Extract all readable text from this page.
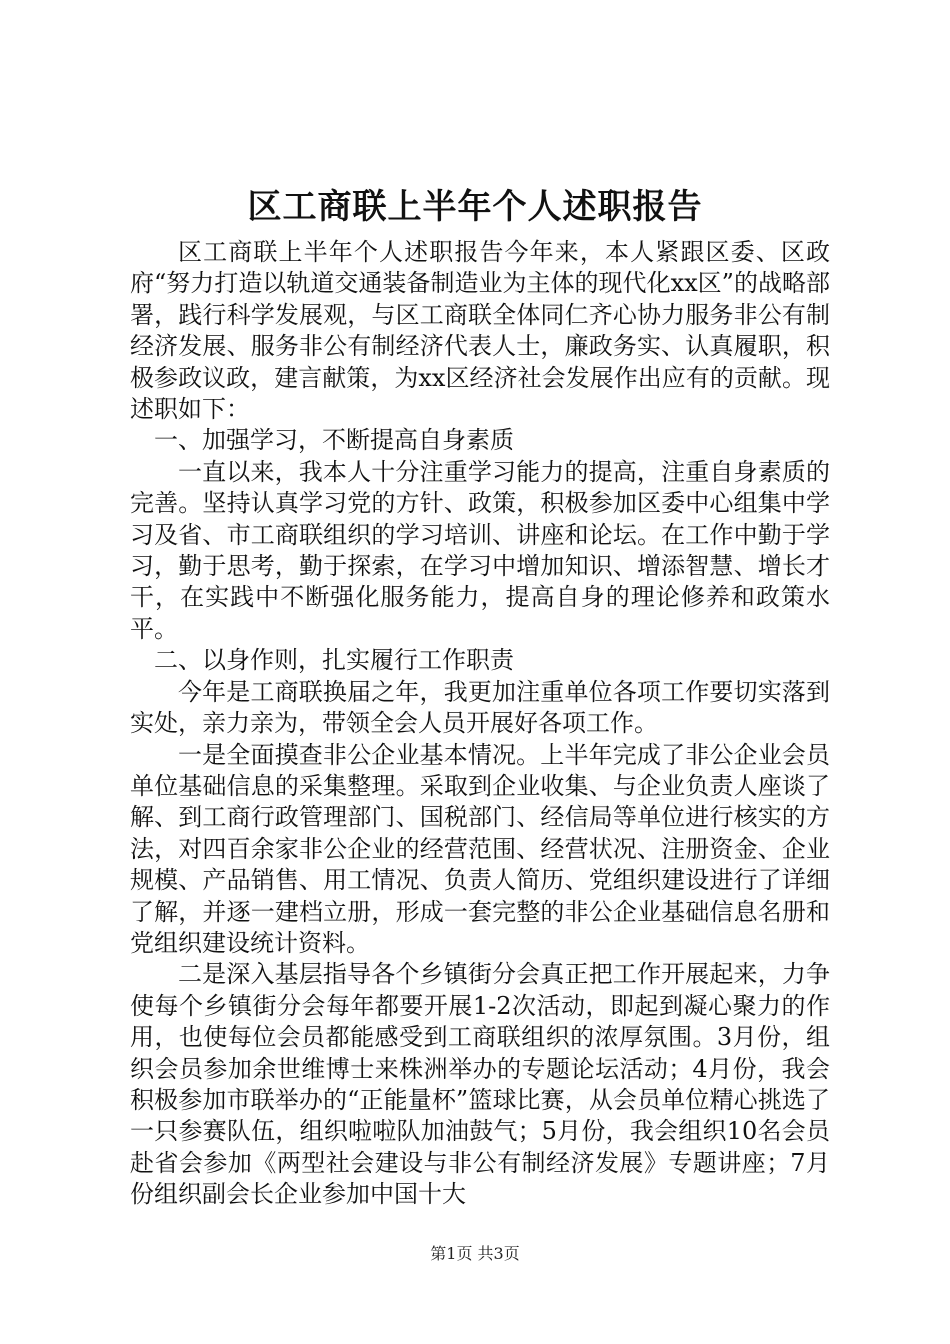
区工商联上半年个人述职报告

区工商联上半年个人述职报告今年来，本人紧跟区委、区政府“努力打造以轨道交通装备制造业为主体的现代化xx区”的战略部署，践行科学发展观，与区工商联全体同仁齐心协力服务非公有制经济发展、服务非公有制经济代表人士，廉政务实、认真履职，积极参政议政，建言献策，为xx区经济社会发展作出应有的贡献。现述职如下：

一、加强学习，不断提高自身素质

一直以来，我本人十分注重学习能力的提高，注重自身素质的完善。坚持认真学习党的方针、政策，积极参加区委中心组集中学习及省、市工商联组织的学习培训、讲座和论坛。在工作中勤于学习，勤于思考，勤于探索，在学习中增加知识、增添智慧、增长才干，在实践中不断强化服务能力，提高自身的理论修养和政策水平。

二、以身作则，扎实履行工作职责

今年是工商联换届之年，我更加注重单位各项工作要切实落到实处，亲力亲为，带领全会人员开展好各项工作。

一是全面摸查非公企业基本情况。上半年完成了非公企业会员单位基础信息的采集整理。采取到企业收集、与企业负责人座谈了解、到工商行政管理部门、国税部门、经信局等单位进行核实的方法，对四百余家非公企业的经营范围、经营状况、注册资金、企业规模、产品销售、用工情况、负责人简历、党组织建设进行了详细了解，并逐一建档立册，形成一套完整的非公企业基础信息名册和党组织建设统计资料。

二是深入基层指导各个乡镇街分会真正把工作开展起来，力争使每个乡镇街分会每年都要开展1-2次活动，即起到凝心聚力的作用，也使每位会员都能感受到工商联组织的浓厚氛围。3月份，组织会员参加余世维博士来株洲举办的专题论坛活动；4月份，我会积极参加市联举办的“正能量杯”篮球比赛，从会员单位精心挑选了一只参赛队伍，组织啦啦队加油鼓气；5月份，我会组织10名会员赴省会参加《两型社会建设与非公有制经济发展》专题讲座；7月份组织副会长企业参加中国十大

第1页 共3页
